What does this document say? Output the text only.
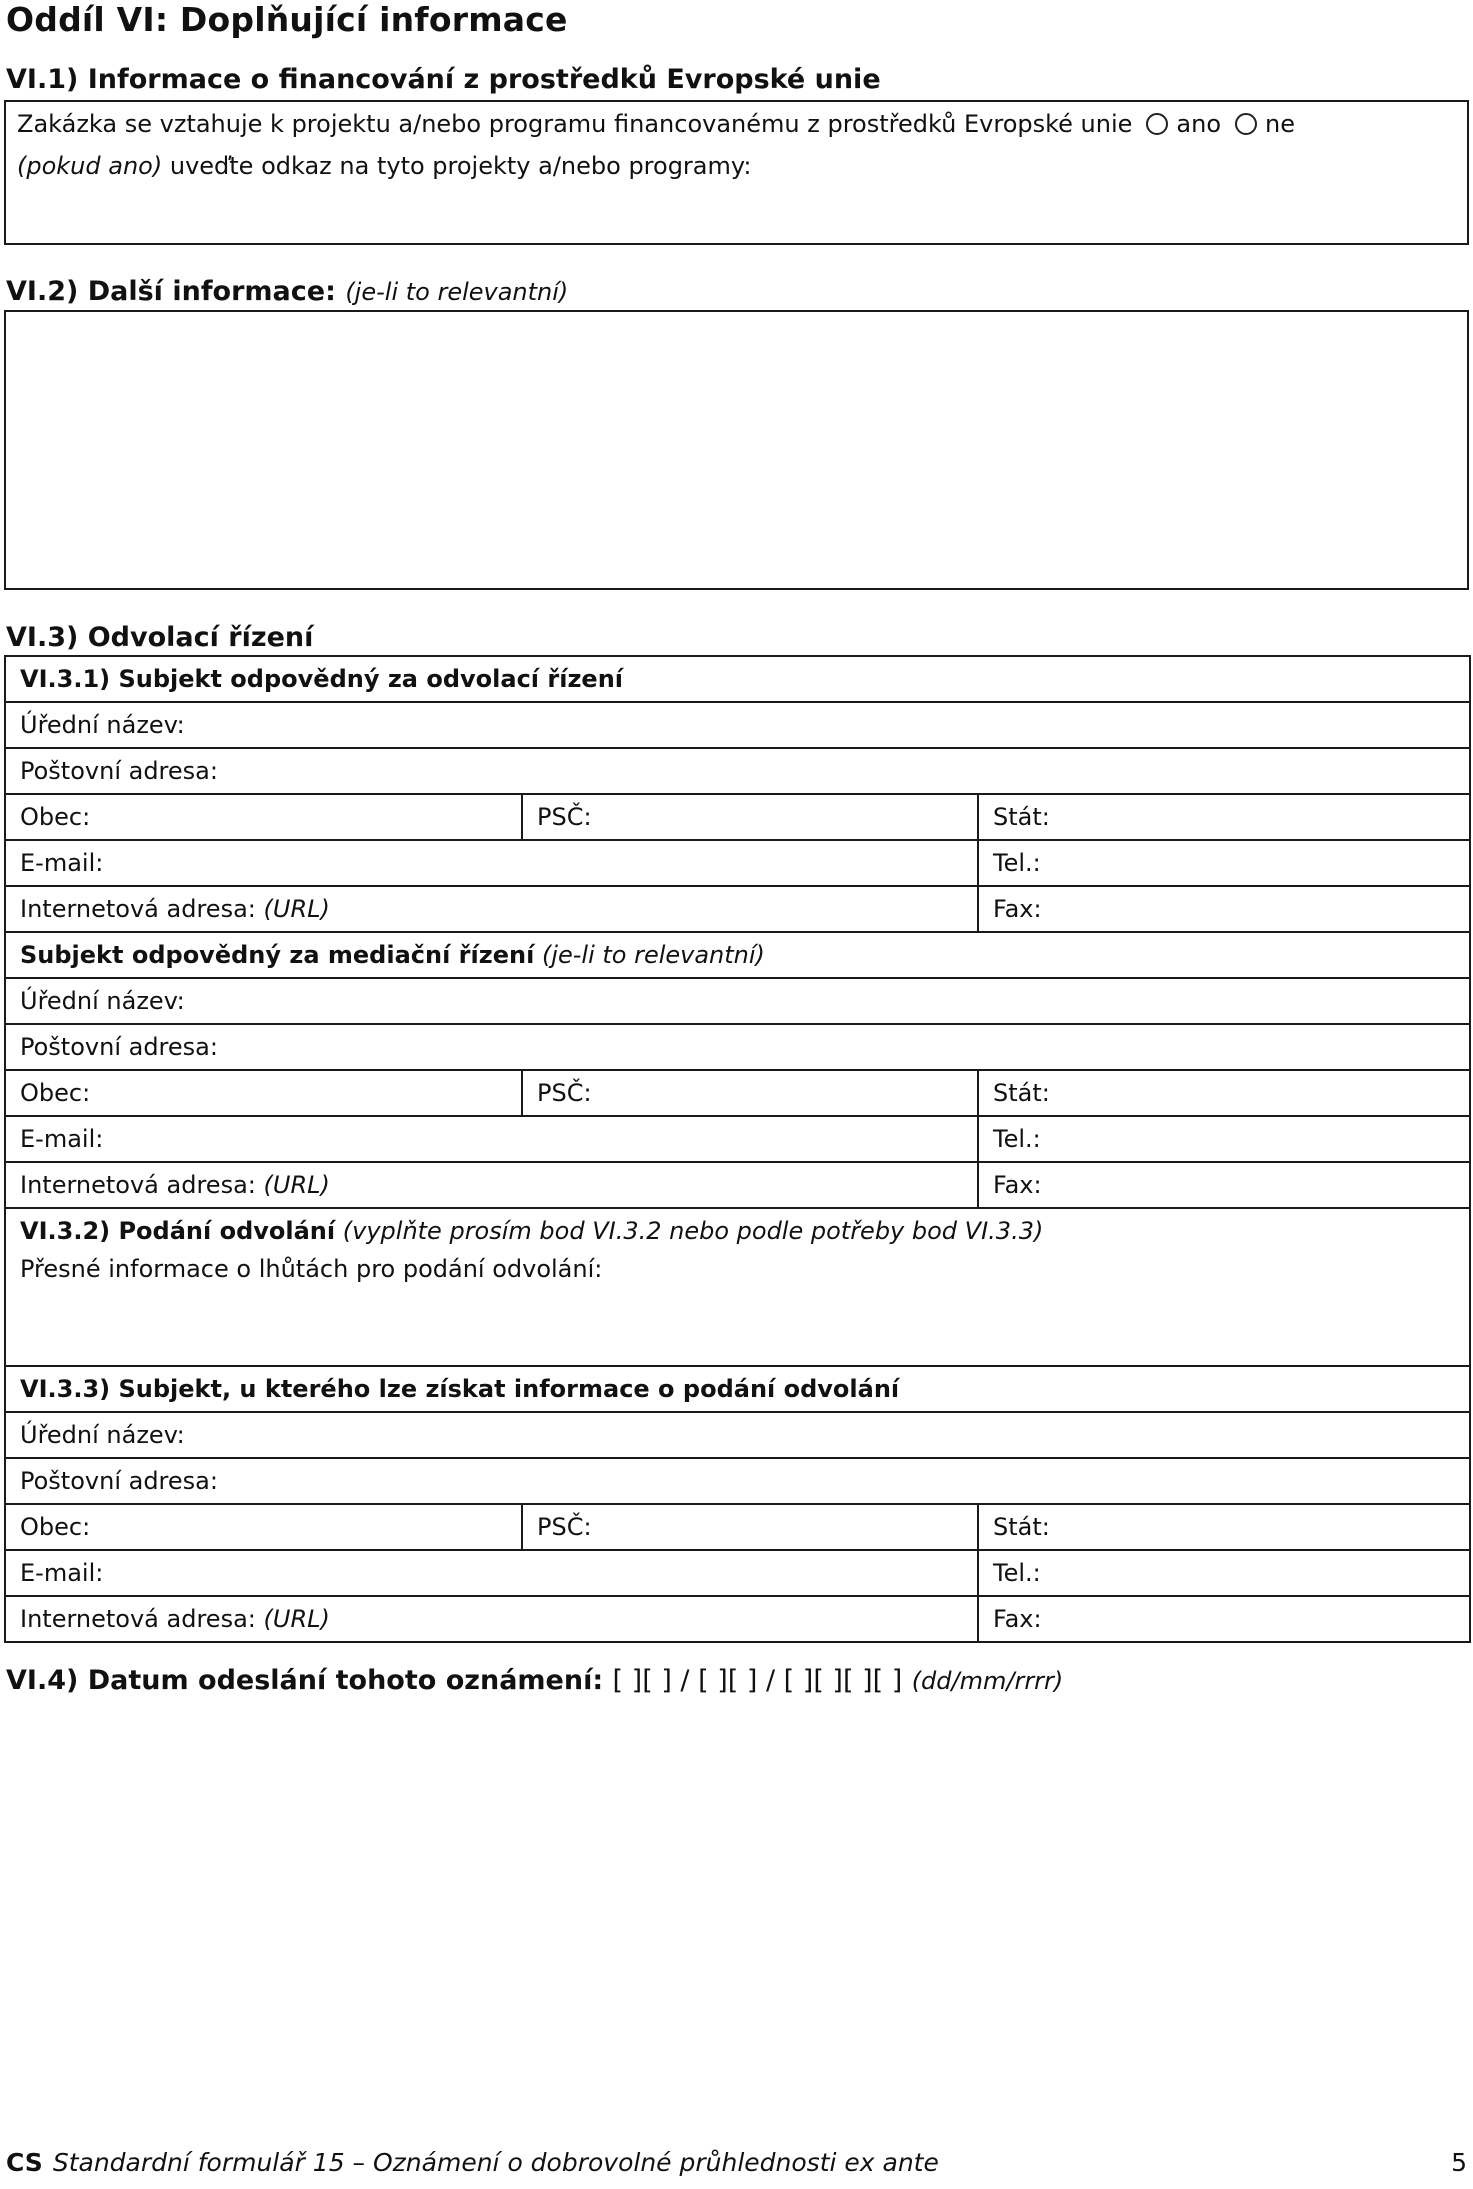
Oddíl VI: Doplňující informace
VI.1) Informace o financování z prostředků Evropské unie
Zakázka se vztahuje k projektu a/nebo programu financovanému z prostředků Evropské unie ano ne
(pokud ano) uveďte odkaz na tyto projekty a/nebo programy:
VI.2) Další informace: (je-li to relevantní)
VI.3) Odvolací řízení
VI.3.1) Subjekt odpovědný za odvolací řízení		
Úřední název:		
Poštovní adresa:		
Obec:	PSČ:	Stát:
E-mail:		Tel.:
Internetová adresa: (URL)		Fax:
Subjekt odpovědný za mediační řízení (je-li to relevantní)		
Úřední název:		
Poštovní adresa:		
Obec:	PSČ:	Stát:
E-mail:		Tel.:
Internetová adresa: (URL)		Fax:

VI.3.2) Podání odvolání (vyplňte prosím bod VI.3.2 nebo podle potřeby bod VI.3.3)
Přesné informace o lhůtách pro podání odvolání:		

VI.3.3) Subjekt, u kterého lze získat informace o podání odvolání		
Úřední název:		
Poštovní adresa:		
Obec:	PSČ:	Stát:
E-mail:		Tel.:
Internetová adresa: (URL)		Fax:
VI.4) Datum odeslání tohoto oznámení: [ ][ ] / [ ][ ] / [ ][ ][ ][ ] (dd/mm/rrrr)
CS Standardní formulář 15 – Oznámení o dobrovolné průhlednosti ex ante	5
